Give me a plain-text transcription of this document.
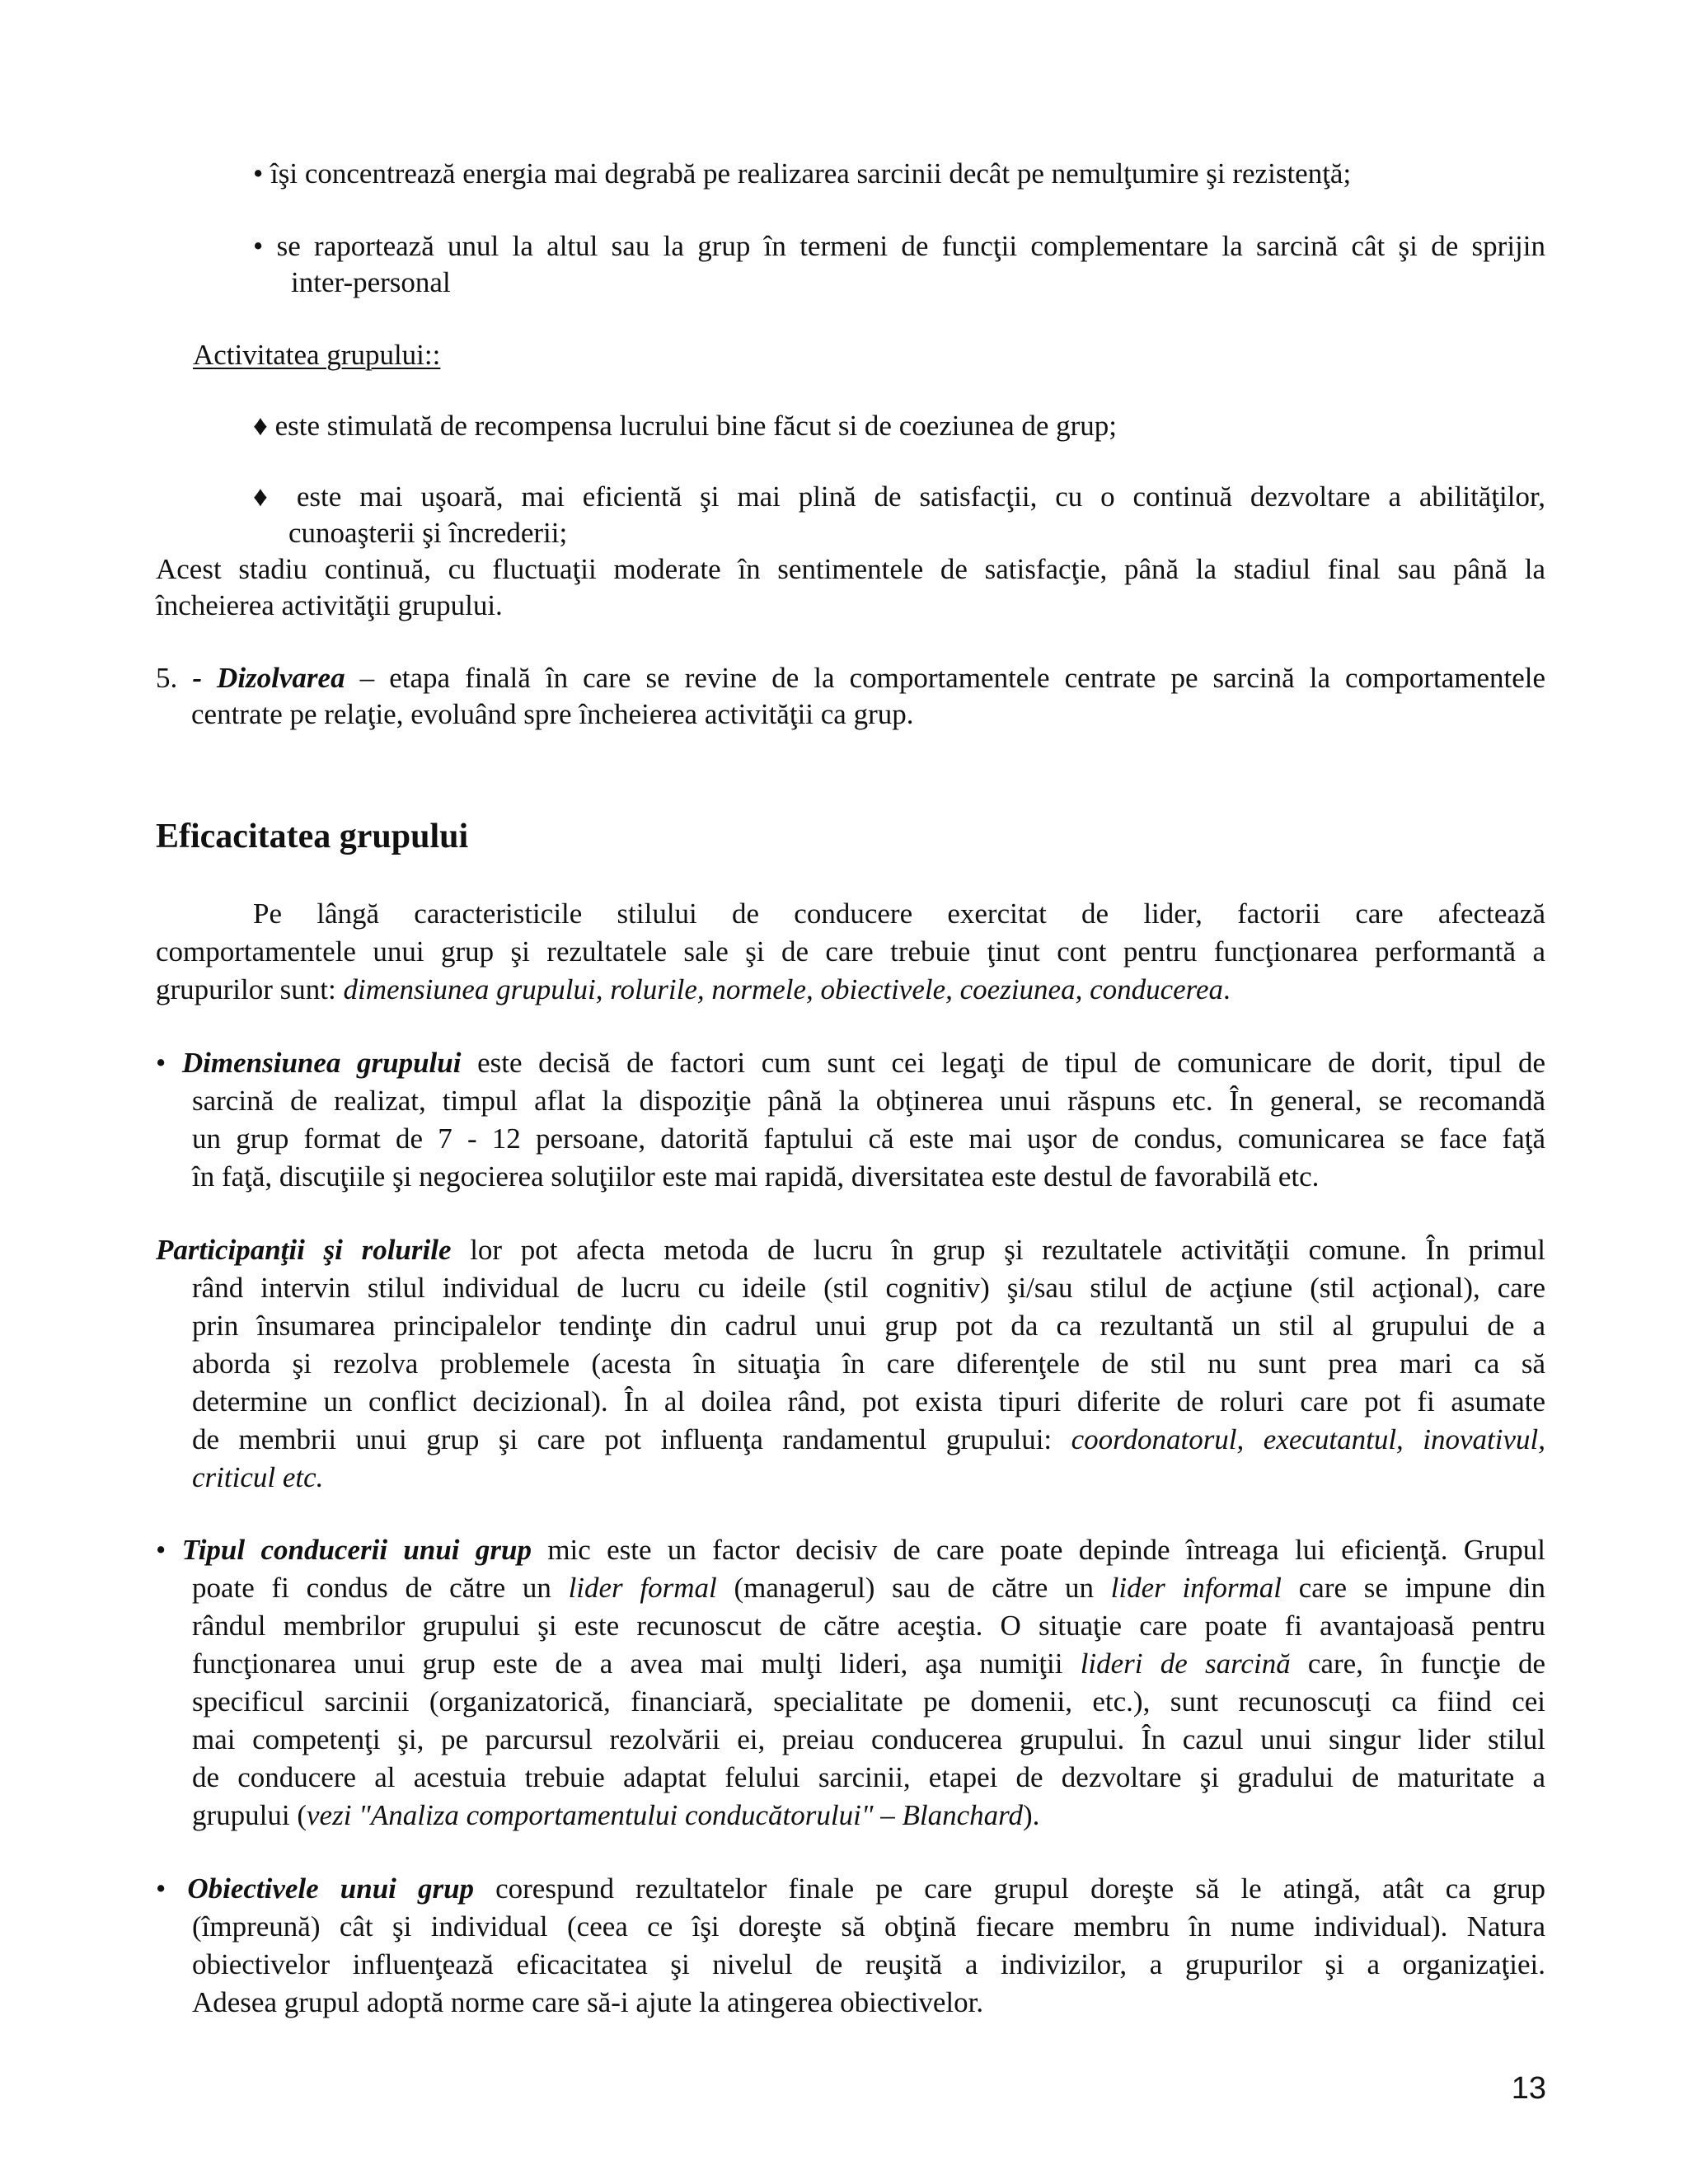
• îşi concentrează energia mai degrabă pe realizarea sarcinii decât pe nemulţumire şi rezistenţă;
• se raportează unul la altul sau la grup în termeni de funcţii complementare la sarcină cât şi de sprijin
inter-personal
Activitatea grupului::
♦ este stimulată de recompensa lucrului bine făcut si de coeziunea de grup;
♦ este mai uşoară, mai eficientă şi mai plină de satisfacţii, cu o continuă dezvoltare a abilităţilor,
cunoaşterii şi încrederii;
Acest stadiu continuă, cu fluctuaţii moderate în sentimentele de satisfacţie, până la stadiul final sau până la
încheierea activităţii grupului.
5. - Dizolvarea – etapa finală în care se revine de la comportamentele centrate pe sarcină la comportamentele
centrate pe relaţie, evoluând spre încheierea activităţii ca grup.
Eficacitatea grupului
Pe lângă caracteristicile stilului de conducere exercitat de lider, factorii care afectează
comportamentele unui grup şi rezultatele sale şi de care trebuie ţinut cont pentru funcţionarea performantă a
grupurilor sunt: dimensiunea grupului, rolurile, normele, obiectivele, coeziunea, conducerea.
• Dimensiunea grupului este decisă de factori cum sunt cei legaţi de tipul de comunicare de dorit, tipul de
sarcină de realizat, timpul aflat la dispoziţie până la obţinerea unui răspuns etc. În general, se recomandă
un grup format de 7 - 12 persoane, datorită faptului că este mai uşor de condus, comunicarea se face faţă
în faţă, discuţiile şi negocierea soluţiilor este mai rapidă, diversitatea este destul de favorabilă etc.
Participanţii şi rolurile lor pot afecta metoda de lucru în grup şi rezultatele activităţii comune. În primul
rând intervin stilul individual de lucru cu ideile (stil cognitiv) şi/sau stilul de acţiune (stil acţional), care
prin însumarea principalelor tendinţe din cadrul unui grup pot da ca rezultantă un stil al grupului de a
aborda şi rezolva problemele (acesta în situaţia în care diferenţele de stil nu sunt prea mari ca să
determine un conflict decizional). În al doilea rând, pot exista tipuri diferite de roluri care pot fi asumate
de membrii unui grup şi care pot influenţa randamentul grupului: coordonatorul, executantul, inovativul,
criticul etc.
• Tipul conducerii unui grup mic este un factor decisiv de care poate depinde întreaga lui eficienţă. Grupul
poate fi condus de către un lider formal (managerul) sau de către un lider informal care se impune din
rândul membrilor grupului şi este recunoscut de către aceştia. O situaţie care poate fi avantajoasă pentru
funcţionarea unui grup este de a avea mai mulţi lideri, aşa numiţii lideri de sarcină care, în funcţie de
specificul sarcinii (organizatorică, financiară, specialitate pe domenii, etc.), sunt recunoscuţi ca fiind cei
mai competenţi şi, pe parcursul rezolvării ei, preiau conducerea grupului. În cazul unui singur lider stilul
de conducere al acestuia trebuie adaptat felului sarcinii, etapei de dezvoltare şi gradului de maturitate a
grupului (vezi "Analiza comportamentului conducătorului" – Blanchard).
• Obiectivele unui grup corespund rezultatelor finale pe care grupul doreşte să le atingă, atât ca grup
(împreună) cât şi individual (ceea ce îşi doreşte să obţină fiecare membru în nume individual). Natura
obiectivelor influenţează eficacitatea şi nivelul de reuşită a indivizilor, a grupurilor şi a organizaţiei.
Adesea grupul adoptă norme care să-i ajute la atingerea obiectivelor.
13
